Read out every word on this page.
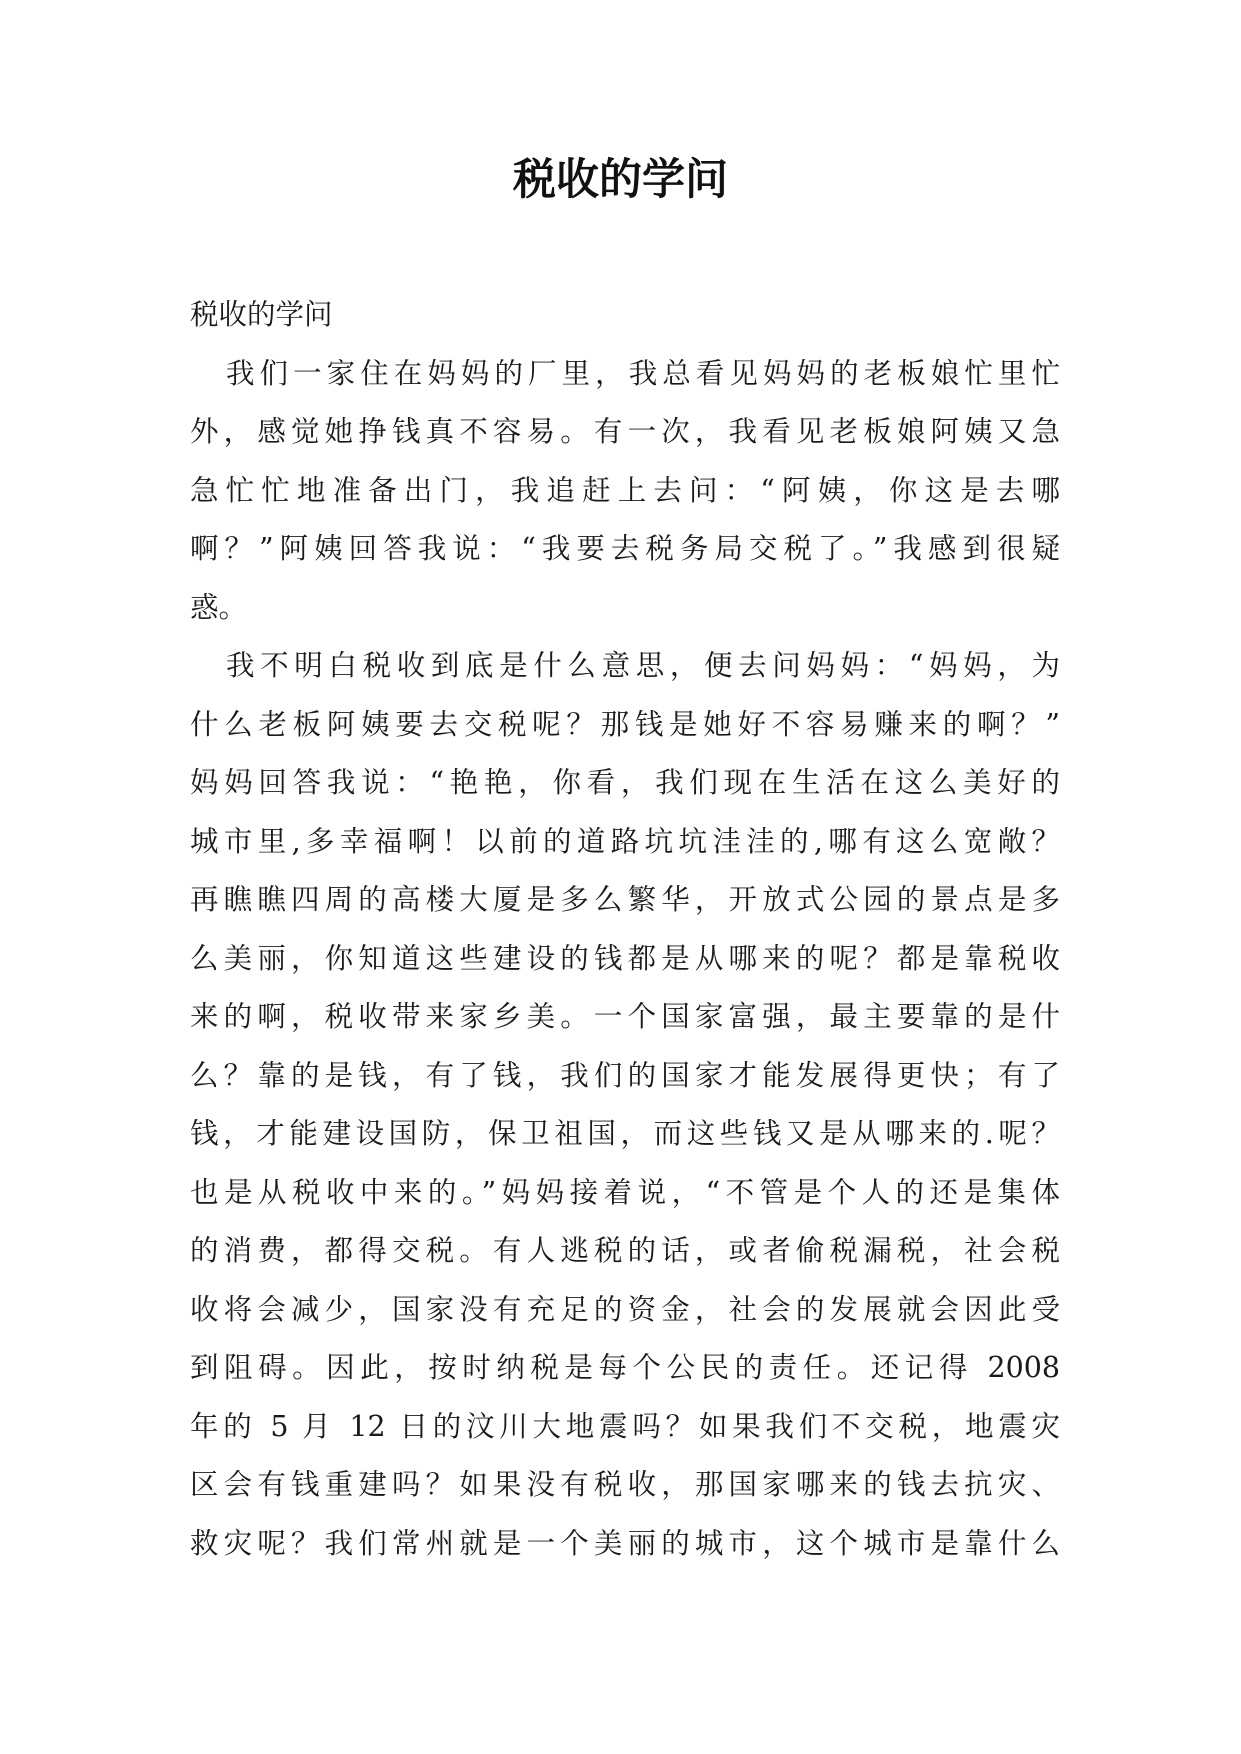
税收的学问
税收的学问
我们一家住在妈妈的厂里，我总看见妈妈的老板娘忙里忙
外，感觉她挣钱真不容易。有一次，我看见老板娘阿姨又急
急忙忙地准备出门，我追赶上去问：“阿姨，你这是去哪
啊？”阿姨回答我说：“我要去税务局交税了。”我感到很疑
惑。
我不明白税收到底是什么意思，便去问妈妈：“妈妈，为
什么老板阿姨要去交税呢？那钱是她好不容易赚来的啊？”
妈妈回答我说：“艳艳，你看，我们现在生活在这么美好的
城市里,多幸福啊！以前的道路坑坑洼洼的,哪有这么宽敞？
再瞧瞧四周的高楼大厦是多么繁华，开放式公园的景点是多
么美丽，你知道这些建设的钱都是从哪来的呢？都是靠税收
来的啊，税收带来家乡美。一个国家富强，最主要靠的是什
么？靠的是钱，有了钱，我们的国家才能发展得更快；有了
钱，才能建设国防，保卫祖国，而这些钱又是从哪来的.呢？
也是从税收中来的。”妈妈接着说，“不管是个人的还是集体
的消费，都得交税。有人逃税的话，或者偷税漏税，社会税
收将会减少，国家没有充足的资金，社会的发展就会因此受
到阻碍。因此，按时纳税是每个公民的责任。还记得 2008
年的 5 月 12 日的汶川大地震吗？如果我们不交税，地震灾
区会有钱重建吗？如果没有税收，那国家哪来的钱去抗灾、
救灾呢？我们常州就是一个美丽的城市，这个城市是靠什么
